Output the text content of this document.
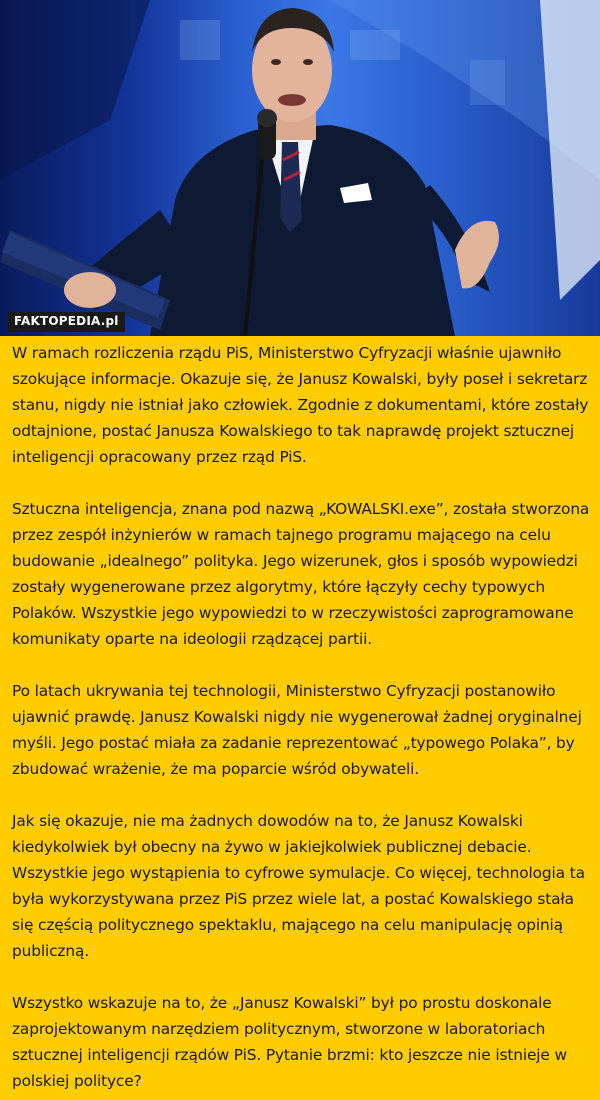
FAKTOPEDIA.pl

W ramach rozliczenia rządu PiS, Ministerstwo Cyfryzacji właśnie ujawniło szokujące informacje. Okazuje się, że Janusz Kowalski, były poseł i sekretarz stanu, nigdy nie istniał jako człowiek. Zgodnie z dokumentami, które zostały odtajnione, postać Janusza Kowalskiego to tak naprawdę projekt sztucznej inteligencji opracowany przez rząd PiS.

Sztuczna inteligencja, znana pod nazwą „KOWALSKI.exe”, została stworzona przez zespół inżynierów w ramach tajnego programu mającego na celu budowanie „idealnego” polityka. Jego wizerunek, głos i sposób wypowiedzi zostały wygenerowane przez algorytmy, które łączyły cechy typowych Polaków. Wszystkie jego wypowiedzi to w rzeczywistości zaprogramowane komunikaty oparte na ideologii rządzącej partii.

Po latach ukrywania tej technologii, Ministerstwo Cyfryzacji postanowiło ujawnić prawdę. Janusz Kowalski nigdy nie wygenerował żadnej oryginalnej myśli. Jego postać miała za zadanie reprezentować „typowego Polaka”, by zbudować wrażenie, że ma poparcie wśród obywateli.

Jak się okazuje, nie ma żadnych dowodów na to, że Janusz Kowalski kiedykolwiek był obecny na żywo w jakiejkolwiek publicznej debacie. Wszystkie jego wystąpienia to cyfrowe symulacje. Co więcej, technologia ta była wykorzystywana przez PiS przez wiele lat, a postać Kowalskiego stała się częścią politycznego spektaklu, mającego na celu manipulację opinią publiczną.

Wszystko wskazuje na to, że „Janusz Kowalski” był po prostu doskonale zaprojektowanym narzędziem politycznym, stworzone w laboratoriach sztucznej inteligencji rządów PiS. Pytanie brzmi: kto jeszcze nie istnieje w polskiej polityce?
